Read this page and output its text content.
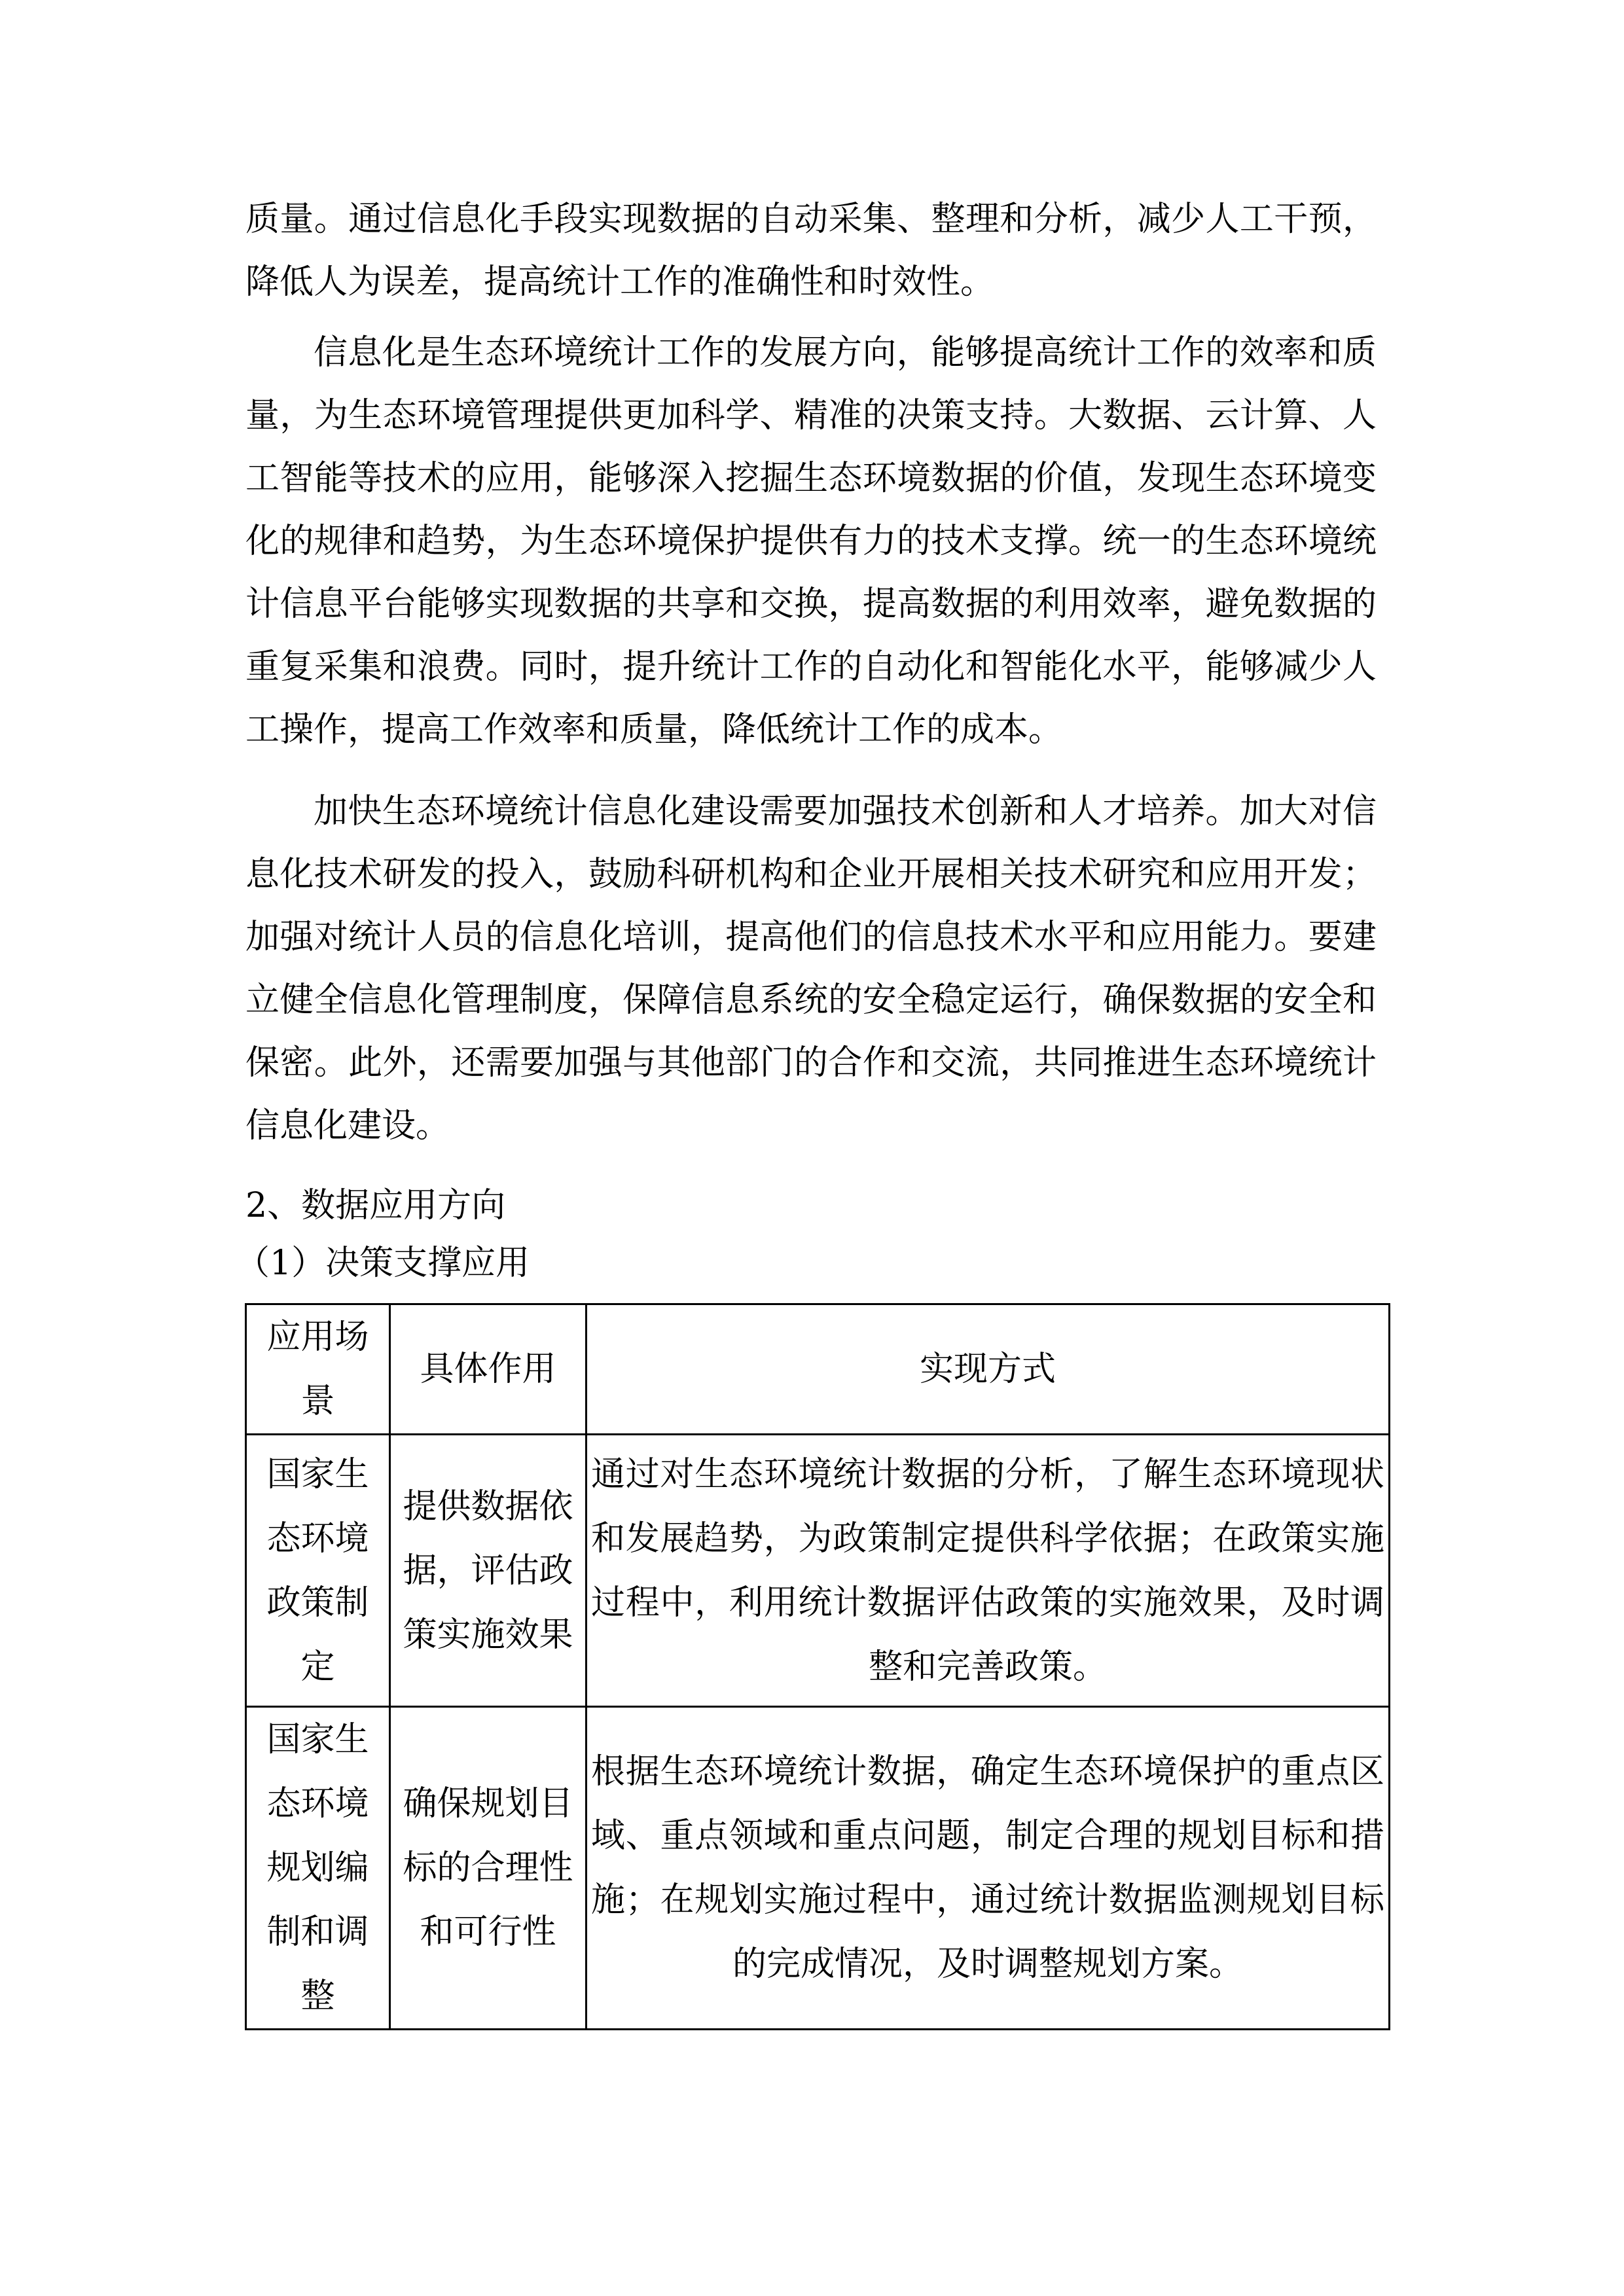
质量。通过信息化手段实现数据的自动采集、整理和分析，减少人工干预，降低人为误差，提高统计工作的准确性和时效性。

信息化是生态环境统计工作的发展方向，能够提高统计工作的效率和质量，为生态环境管理提供更加科学、精准的决策支持。大数据、云计算、人工智能等技术的应用，能够深入挖掘生态环境数据的价值，发现生态环境变化的规律和趋势，为生态环境保护提供有力的技术支撑。统一的生态环境统计信息平台能够实现数据的共享和交换，提高数据的利用效率，避免数据的重复采集和浪费。同时，提升统计工作的自动化和智能化水平，能够减少人工操作，提高工作效率和质量，降低统计工作的成本。

加快生态环境统计信息化建设需要加强技术创新和人才培养。加大对信息化技术研发的投入，鼓励科研机构和企业开展相关技术研究和应用开发；加强对统计人员的信息化培训，提高他们的信息技术水平和应用能力。要建立健全信息化管理制度，保障信息系统的安全稳定运行，确保数据的安全和保密。此外，还需要加强与其他部门的合作和交流，共同推进生态环境统计信息化建设。

2、数据应用方向
（1）决策支撑应用
应用场景	具体作用	实现方式
国家生态环境政策制定	提供数据依据，评估政策实施效果	通过对生态环境统计数据的分析，了解生态环境现状和发展趋势，为政策制定提供科学依据；在政策实施过程中，利用统计数据评估政策的实施效果，及时调整和完善政策。

国家生态环境规划编制和调整	确保规划目标的合理性和可行性	根据生态环境统计数据，确定生态环境保护的重点区域、重点领域和重点问题，制定合理的规划目标和措施；在规划实施过程中，通过统计数据监测规划目标的完成情况，及时调整规划方案。
